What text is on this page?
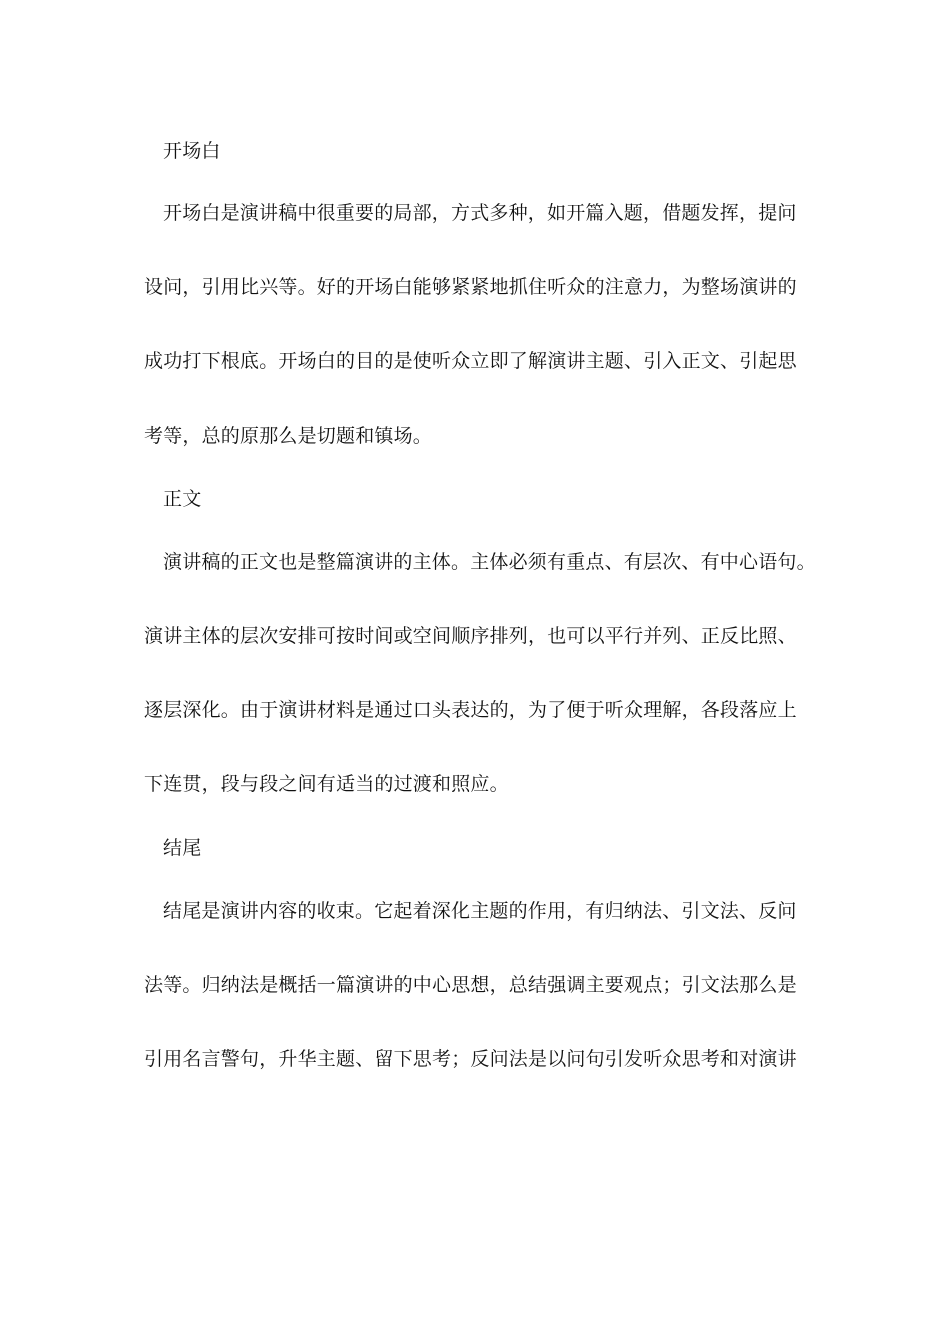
开场白
开场白是演讲稿中很重要的局部，方式多种，如开篇入题，借题发挥，提问
设问，引用比兴等。好的开场白能够紧紧地抓住听众的注意力，为整场演讲的
成功打下根底。开场白的目的是使听众立即了解演讲主题、引入正文、引起思
考等，总的原那么是切题和镇场。
正文
演讲稿的正文也是整篇演讲的主体。主体必须有重点、有层次、有中心语句。
演讲主体的层次安排可按时间或空间顺序排列，也可以平行并列、正反比照、
逐层深化。由于演讲材料是通过口头表达的，为了便于听众理解，各段落应上
下连贯，段与段之间有适当的过渡和照应。
结尾
结尾是演讲内容的收束。它起着深化主题的作用，有归纳法、引文法、反问
法等。归纳法是概括一篇演讲的中心思想，总结强调主要观点；引文法那么是
引用名言警句，升华主题、留下思考；反问法是以问句引发听众思考和对演讲
